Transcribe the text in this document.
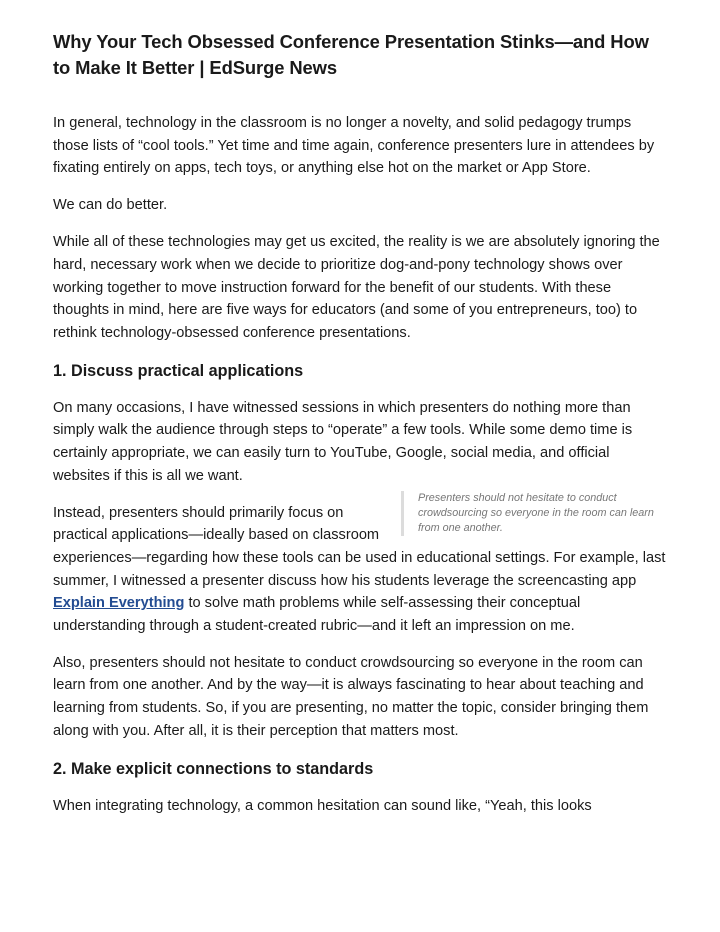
Why Your Tech Obsessed Conference Presentation Stinks—and How to Make It Better | EdSurge News

In general, technology in the classroom is no longer a novelty, and solid pedagogy trumps those lists of “cool tools.” Yet time and time again, conference presenters lure in attendees by fixating entirely on apps, tech toys, or anything else hot on the market or App Store.

We can do better.

While all of these technologies may get us excited, the reality is we are absolutely ignoring the hard, necessary work when we decide to prioritize dog-and-pony technology shows over working together to move instruction forward for the benefit of our students. With these thoughts in mind, here are five ways for educators (and some of you entrepreneurs, too) to rethink technology-obsessed conference presentations.

1. Discuss practical applications

On many occasions, I have witnessed sessions in which presenters do nothing more than simply walk the audience through steps to “operate” a few tools. While some demo time is certainly appropriate, we can easily turn to YouTube, Google, social media, and official websites if this is all we want.

Presenters should not hesitate to conduct crowdsourcing so everyone in the room can learn from one another.

Instead, presenters should primarily focus on practical applications—ideally based on classroom experiences—regarding how these tools can be used in educational settings. For example, last summer, I witnessed a presenter discuss how his students leverage the screencasting app Explain Everything to solve math problems while self-assessing their conceptual understanding through a student-created rubric—and it left an impression on me.

Also, presenters should not hesitate to conduct crowdsourcing so everyone in the room can learn from one another. And by the way—it is always fascinating to hear about teaching and learning from students. So, if you are presenting, no matter the topic, consider bringing them along with you. After all, it is their perception that matters most.

2. Make explicit connections to standards

When integrating technology, a common hesitation can sound like, “Yeah, this looks
